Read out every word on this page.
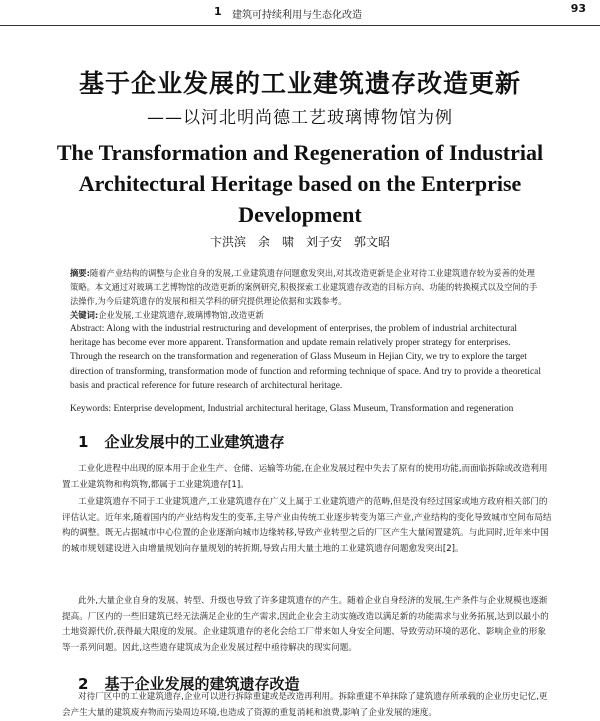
1 建筑可持续利用与生态化改造
93
基于企业发展的工业建筑遗存改造更新
——以河北明尚德工艺玻璃博物馆为例
The Transformation and Regeneration of Industrial Architectural Heritage based on the Enterprise Development
卞洪滨　余　啸　刘子安　郭文昭
摘要:随着产业结构的调整与企业自身的发展,工业建筑遗存问题愈发突出,对其改造更新是企业对待工业建筑遗存较为妥善的处理策略。本文通过对玻璃工艺博物馆的改造更新的案例研究,积极探索工业建筑遗存改造的目标方向、功能的转换模式以及空间的手法操作,为今后建筑遗存的发展和相关学科的研究提供理论依据和实践参考。
关键词:企业发展,工业建筑遗存,玻璃博物馆,改造更新
Abstract: Along with the industrial restructuring and development of enterprises, the problem of industrial architectural heritage has become ever more apparent. Transformation and update remain relatively proper strategy for enterprises. Through the research on the transformation and regeneration of Glass Museum in Hejian City, we try to explore the target direction of transforming, transformation mode of function and reforming technique of space. And try to provide a theoretical basis and practical reference for future research of architectural heritage.
Keywords: Enterprise development, Industrial architectural heritage, Glass Museum, Transformation and regeneration
1 企业发展中的工业建筑遗存
工业化进程中出现的原本用于企业生产、仓储、运输等功能,在企业发展过程中失去了原有的使用功能,而面临拆除或改造利用置工业建筑物和构筑物,都属于工业建筑遗存[1]。
工业建筑遗存不同于工业建筑遗产,工业建筑遗存在广义上属于工业建筑遗产的范畴,但是没有经过国家或地方政府相关部门的评估认定。近年来,随着国内的产业结构发生的变革,主导产业由传统工业逐步转变为第三产业,产业结构的变化导致城市空间布局结构的调整。既无占据城市中心位置的企业逐渐向城市边缘转移,导致产业转型之后的厂区产生大量闲置建筑。与此同时,近年来中国的城市规划建设进入由增量规划向存量规划的转折期,导致占用大量土地的工业建筑遗存问题愈发突出[2]。
此外,大量企业自身的发展、转型、升级也导致了许多建筑遗存的产生。随着企业自身经济的发展,生产条件与企业规模也逐渐提高。厂区内的一些旧建筑已经无法满足企业的生产需求,因此企业会主动实施改造以满足新的功能需求与业务拓展,达到以最小的土地资源代价,获得最大限度的发展。企业建筑遗存的老化会给工厂带来如人身安全问题、导致劳动环境的恶化、影响企业的形象等一系列问题。因此,这些遗存建筑成为企业发展过程中亟待解决的现实问题。
2 基于企业发展的建筑遗存改造
对待厂区中的工业建筑遗存,企业可以进行拆除重建或是改造再利用。拆除重建不单抹除了建筑遗存所承载的企业历史记忆,更会产生大量的建筑废弃物而污染周边环境,也造成了资源的重复消耗和浪费,影响了企业发展的速度。
